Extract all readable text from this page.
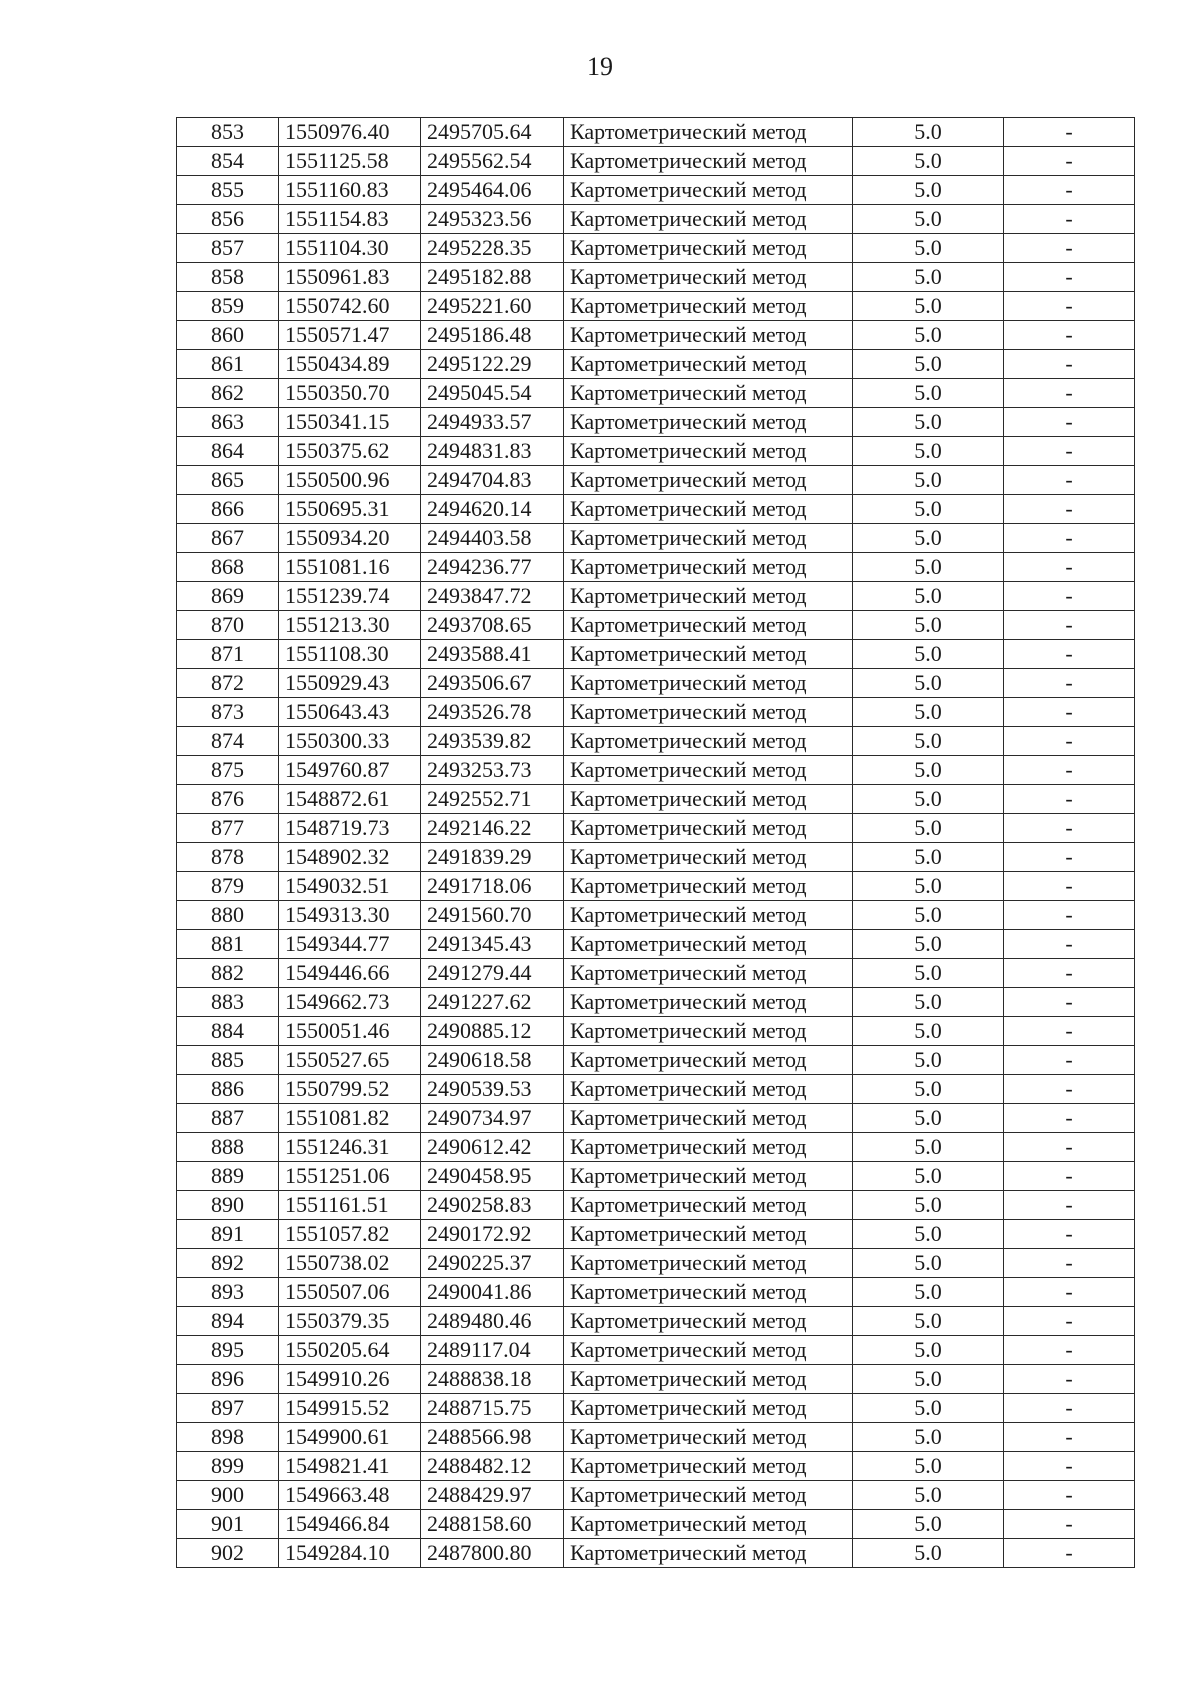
19
853	1550976.40	2495705.64	Картометрический метод	5.0	-
854	1551125.58	2495562.54	Картометрический метод	5.0	-
855	1551160.83	2495464.06	Картометрический метод	5.0	-
856	1551154.83	2495323.56	Картометрический метод	5.0	-
857	1551104.30	2495228.35	Картометрический метод	5.0	-
858	1550961.83	2495182.88	Картометрический метод	5.0	-
859	1550742.60	2495221.60	Картометрический метод	5.0	-
860	1550571.47	2495186.48	Картометрический метод	5.0	-
861	1550434.89	2495122.29	Картометрический метод	5.0	-
862	1550350.70	2495045.54	Картометрический метод	5.0	-
863	1550341.15	2494933.57	Картометрический метод	5.0	-
864	1550375.62	2494831.83	Картометрический метод	5.0	-
865	1550500.96	2494704.83	Картометрический метод	5.0	-
866	1550695.31	2494620.14	Картометрический метод	5.0	-
867	1550934.20	2494403.58	Картометрический метод	5.0	-
868	1551081.16	2494236.77	Картометрический метод	5.0	-
869	1551239.74	2493847.72	Картометрический метод	5.0	-
870	1551213.30	2493708.65	Картометрический метод	5.0	-
871	1551108.30	2493588.41	Картометрический метод	5.0	-
872	1550929.43	2493506.67	Картометрический метод	5.0	-
873	1550643.43	2493526.78	Картометрический метод	5.0	-
874	1550300.33	2493539.82	Картометрический метод	5.0	-
875	1549760.87	2493253.73	Картометрический метод	5.0	-
876	1548872.61	2492552.71	Картометрический метод	5.0	-
877	1548719.73	2492146.22	Картометрический метод	5.0	-
878	1548902.32	2491839.29	Картометрический метод	5.0	-
879	1549032.51	2491718.06	Картометрический метод	5.0	-
880	1549313.30	2491560.70	Картометрический метод	5.0	-
881	1549344.77	2491345.43	Картометрический метод	5.0	-
882	1549446.66	2491279.44	Картометрический метод	5.0	-
883	1549662.73	2491227.62	Картометрический метод	5.0	-
884	1550051.46	2490885.12	Картометрический метод	5.0	-
885	1550527.65	2490618.58	Картометрический метод	5.0	-
886	1550799.52	2490539.53	Картометрический метод	5.0	-
887	1551081.82	2490734.97	Картометрический метод	5.0	-
888	1551246.31	2490612.42	Картометрический метод	5.0	-
889	1551251.06	2490458.95	Картометрический метод	5.0	-
890	1551161.51	2490258.83	Картометрический метод	5.0	-
891	1551057.82	2490172.92	Картометрический метод	5.0	-
892	1550738.02	2490225.37	Картометрический метод	5.0	-
893	1550507.06	2490041.86	Картометрический метод	5.0	-
894	1550379.35	2489480.46	Картометрический метод	5.0	-
895	1550205.64	2489117.04	Картометрический метод	5.0	-
896	1549910.26	2488838.18	Картометрический метод	5.0	-
897	1549915.52	2488715.75	Картометрический метод	5.0	-
898	1549900.61	2488566.98	Картометрический метод	5.0	-
899	1549821.41	2488482.12	Картометрический метод	5.0	-
900	1549663.48	2488429.97	Картометрический метод	5.0	-
901	1549466.84	2488158.60	Картометрический метод	5.0	-
902	1549284.10	2487800.80	Картометрический метод	5.0	-
